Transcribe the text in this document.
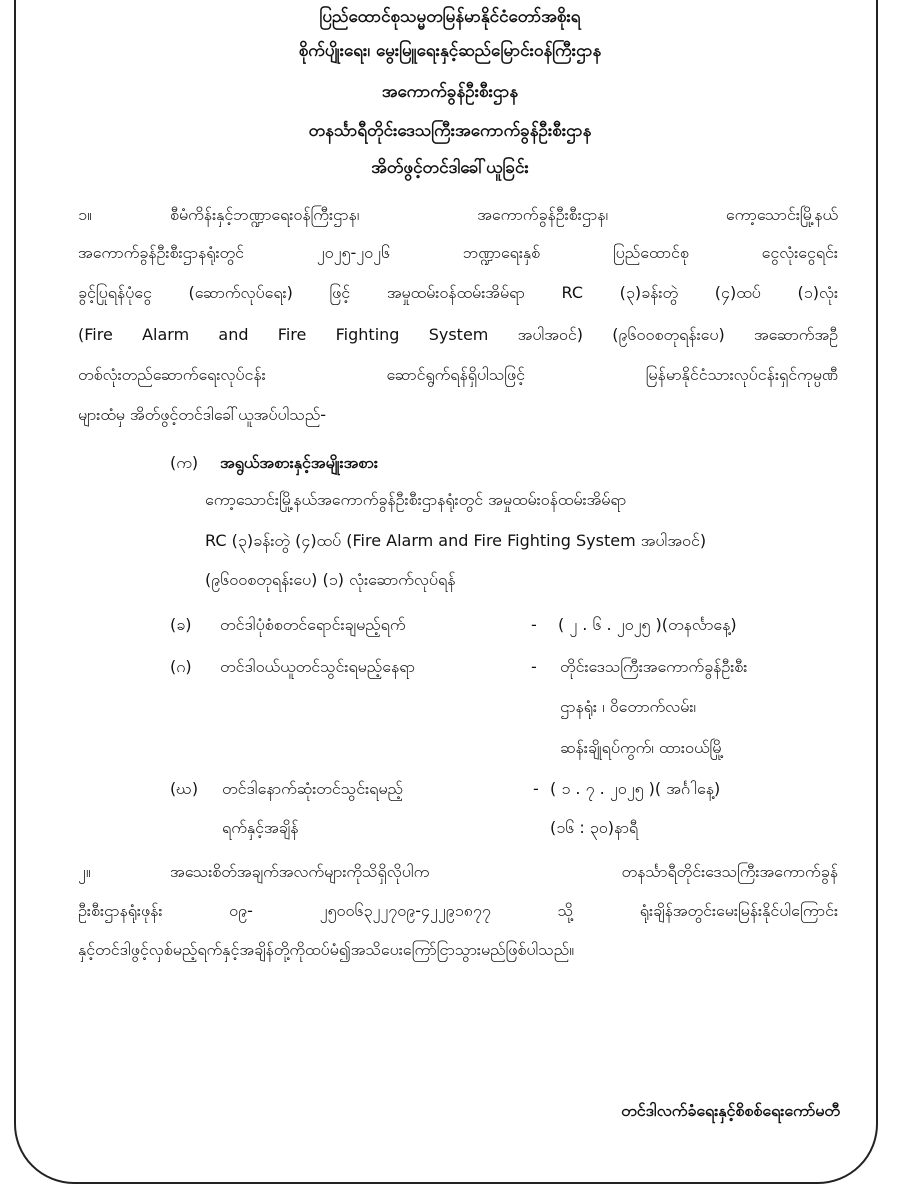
ပြည်ထောင်စုသမ္မတမြန်မာနိုင်ငံတော်အစိုးရ
စိုက်ပျိုးရေး၊ မွေးမြူရေးနှင့်ဆည်မြောင်းဝန်ကြီးဌာန
အကောက်ခွန်ဦးစီးဌာန
တနင်္သာရီတိုင်းဒေသကြီးအကောက်ခွန်ဦးစီးဌာန
အိတ်ဖွင့်တင်ဒါခေါ်ယူခြင်း
၁။	စီမံကိန်းနှင့်ဘဏ္ဍာရေးဝန်ကြီးဌာန၊ အကောက်ခွန်ဦးစီးဌာန၊ ကော့သောင်းမြို့နယ်
အကောက်ခွန်ဦးစီးဌာနရုံးတွင် ၂၀၂၅-၂၀၂၆ ဘဏ္ဍာရေးနှစ် ပြည်ထောင်စု ငွေလုံးငွေရင်း
ခွင့်ပြုရန်ပုံငွေ (ဆောက်လုပ်ရေး) ဖြင့် အမှုထမ်းဝန်ထမ်းအိမ်ရာ RC (၃)ခန်းတွဲ (၄)ထပ် (၁)လုံး
(Fire Alarm and Fire Fighting System အပါအဝင်) (၉၆၀၀စတုရန်းပေ) အဆောက်အဦ
တစ်လုံးတည်ဆောက်ရေးလုပ်ငန်း ဆောင်ရွက်ရန်ရှိပါသဖြင့် မြန်မာနိုင်ငံသားလုပ်ငန်းရှင်ကုမ္ပဏီ
များထံမှ အိတ်ဖွင့်တင်ဒါခေါ်ယူအပ်ပါသည်-
(က) အရွယ်အစားနှင့်အမျိုးအစား
ကော့သောင်းမြို့နယ်အကောက်ခွန်ဦးစီးဌာနရုံးတွင် အမှုထမ်းဝန်ထမ်းအိမ်ရာ
RC (၃)ခန်းတွဲ (၄)ထပ် (Fire Alarm and Fire Fighting System အပါအဝင်)
(၉၆၀၀စတုရန်းပေ) (၁) လုံးဆောက်လုပ်ရန်
(ခ) တင်ဒါပုံစံစတင်ရောင်းချမည့်ရက်	- ( ၂ . ၆ . ၂၀၂၅ )(တနင်္လာနေ့)
(ဂ) တင်ဒါဝယ်ယူတင်သွင်းရမည့်နေရာ	- တိုင်းဒေသကြီးအကောက်ခွန်ဦးစီး
ဌာနရုံး ၊ ဝိတောက်လမ်း၊
ဆန်းချိုရပ်ကွက်၊ ထားဝယ်မြို့
(ဃ) တင်ဒါနောက်ဆုံးတင်သွင်းရမည့်	- ( ၁ . ၇ . ၂၀၂၅ )( အင်္ဂါနေ့)
ရက်နှင့်အချိန်	(၁၆ : ၃၀)နာရီ
၂။	အသေးစိတ်အချက်အလက်များကိုသိရှိလိုပါက တနင်္သာရီတိုင်းဒေသကြီးအကောက်ခွန်
ဦးစီးဌာနရုံးဖုန်း ၀၉- ၂၅၀၀၆၃၂၂၇၀၉-၄၂၂၉၁၈၇၇ သို့ ရုံးချိန်အတွင်းမေးမြန်းနိုင်ပါကြောင်း
နှင့်တင်ဒါဖွင့်လှစ်မည့်ရက်နှင့်အချိန်တို့ကိုထပ်မံ၍အသိပေးကြော်ငြာသွားမည်ဖြစ်ပါသည်။
တင်ဒါလက်ခံရေးနှင့်စိစစ်ရေးကော်မတီ
